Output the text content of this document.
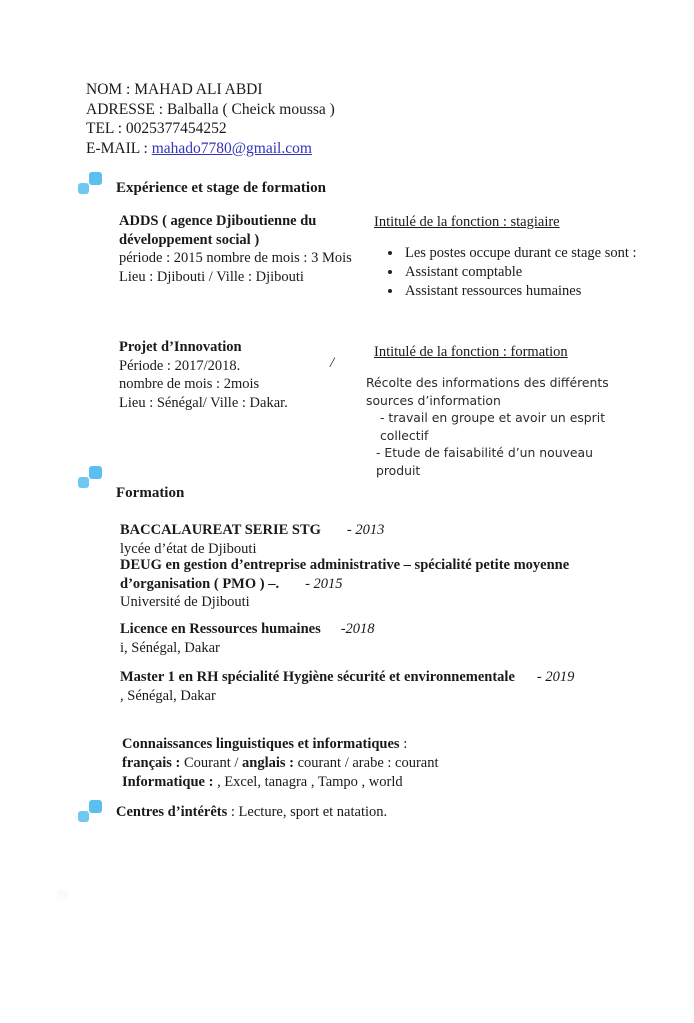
NOM : MAHAD ALI ABDI
ADRESSE : Balballa ( Cheick moussa )
TEL : 0025377454252
E-MAIL : mahado7780@gmail.com
Expérience et stage de formation
ADDS ( agence Djiboutienne du
développement social )
période : 2015 nombre de mois : 3 Mois
Lieu : Djibouti / Ville : Djibouti
Intitulé de la fonction : stagiaire
Les postes occupe durant ce stage sont :
Assistant comptable
Assistant ressources humaines
Projet d’Innovation
Période : 2017/2018.
nombre de mois : 2mois
Lieu : Sénégal/ Ville : Dakar.
/
Intitulé de la fonction : formation
Récolte des informations des différents
sources d’information
- travail en groupe et avoir un esprit collectif
- Etude de faisabilité d’un nouveau produit
Formation
BACCALAUREAT SERIE STG - 2013
lycée d’état de Djibouti
DEUG en gestion d’entreprise administrative – spécialité petite moyenne
d’organisation ( PMO ) –. - 2015
Université de Djibouti
Licence en Ressources humaines -2018
i, Sénégal, Dakar
Master 1 en RH spécialité Hygiène sécurité et environnementale - 2019
, Sénégal, Dakar
Connaissances linguistiques et informatiques :
français : Courant / anglais : courant / arabe : courant
Informatique : , Excel, tanagra , Tampo , world
Centres d’intérêts : Lecture, sport et natation.
